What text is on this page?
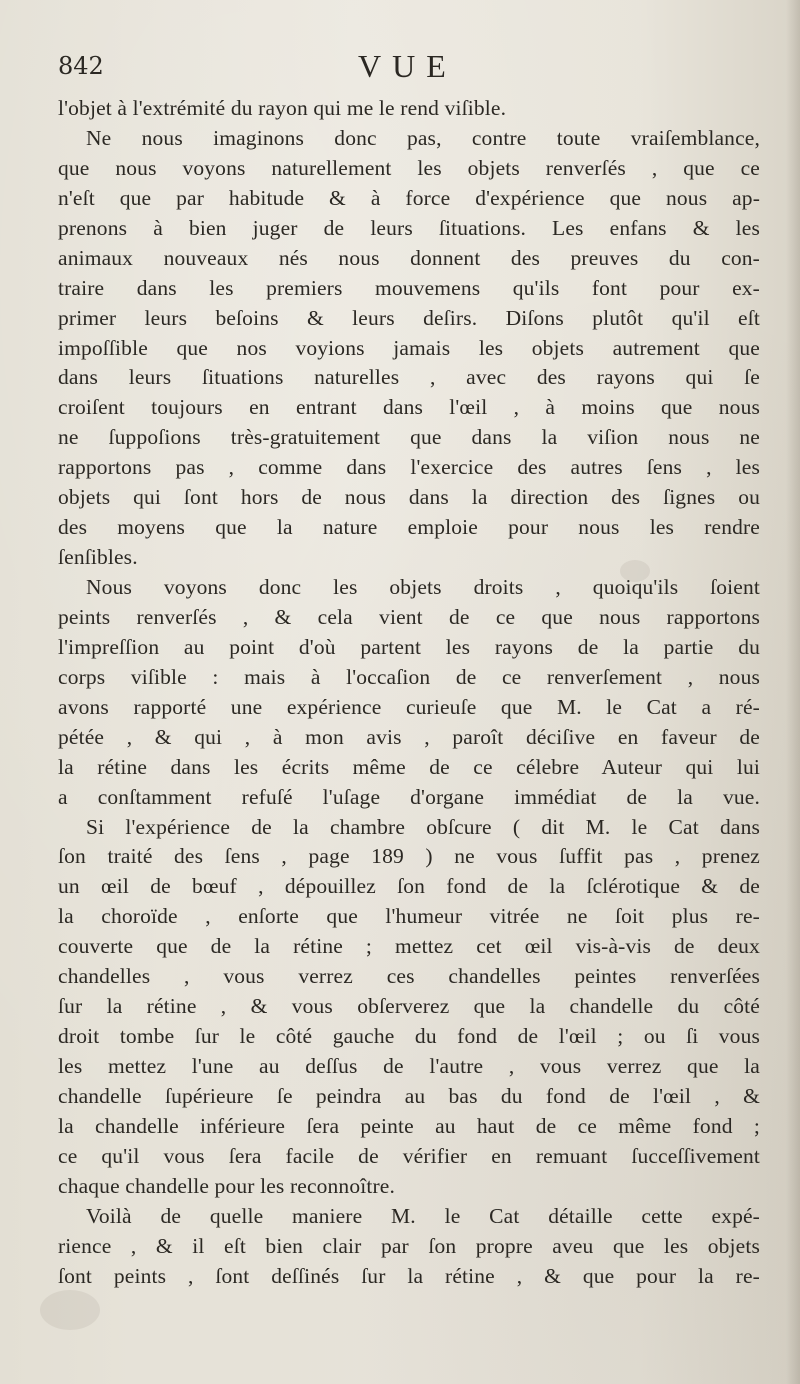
842	VUE
l'objet à l'extrémité du rayon qui me le rend viſible.
Ne nous imaginons donc pas, contre toute vraiſemblance,
que nous voyons naturellement les objets renverſés , que ce
n'eſt que par habitude & à force d'expérience que nous ap-
prenons à bien juger de leurs ſituations. Les enfans & les
animaux nouveaux nés nous donnent des preuves du con-
traire dans les premiers mouvemens qu'ils font pour ex-
primer leurs beſoins & leurs deſirs. Diſons plutôt qu'il eſt
impoſſible que nos voyions jamais les objets autrement que
dans leurs ſituations naturelles , avec des rayons qui ſe
croiſent toujours en entrant dans l'œil , à moins que nous
ne ſuppoſions très-gratuitement que dans la viſion nous ne
rapportons pas , comme dans l'exercice des autres ſens , les
objets qui ſont hors de nous dans la direction des ſignes ou
des moyens que la nature emploie pour nous les rendre
ſenſibles.
Nous voyons donc les objets droits , quoiqu'ils ſoient
peints renverſés , & cela vient de ce que nous rapportons
l'impreſſion au point d'où partent les rayons de la partie du
corps viſible : mais à l'occaſion de ce renverſement , nous
avons rapporté une expérience curieuſe que M. le Cat a ré-
pétée , & qui , à mon avis , paroît déciſive en faveur de
la rétine dans les écrits même de ce célebre Auteur qui lui
a conſtamment refuſé l'uſage d'organe immédiat de la vue.
Si l'expérience de la chambre obſcure ( dit M. le Cat dans
ſon traité des ſens , page 189 ) ne vous ſuffit pas , prenez
un œil de bœuf , dépouillez ſon fond de la ſclérotique & de
la choroïde , enſorte que l'humeur vitrée ne ſoit plus re-
couverte que de la rétine ; mettez cet œil vis-à-vis de deux
chandelles , vous verrez ces chandelles peintes renverſées
ſur la rétine , & vous obſerverez que la chandelle du côté
droit tombe ſur le côté gauche du fond de l'œil ; ou ſi vous
les mettez l'une au deſſus de l'autre , vous verrez que la
chandelle ſupérieure ſe peindra au bas du fond de l'œil , &
la chandelle inférieure ſera peinte au haut de ce même fond ;
ce qu'il vous ſera facile de vérifier en remuant ſucceſſivement
chaque chandelle pour les reconnoître.
Voilà de quelle maniere M. le Cat détaille cette expé-
rience , & il eſt bien clair par ſon propre aveu que les objets
ſont peints , ſont deſſinés ſur la rétine , & que pour la re-
